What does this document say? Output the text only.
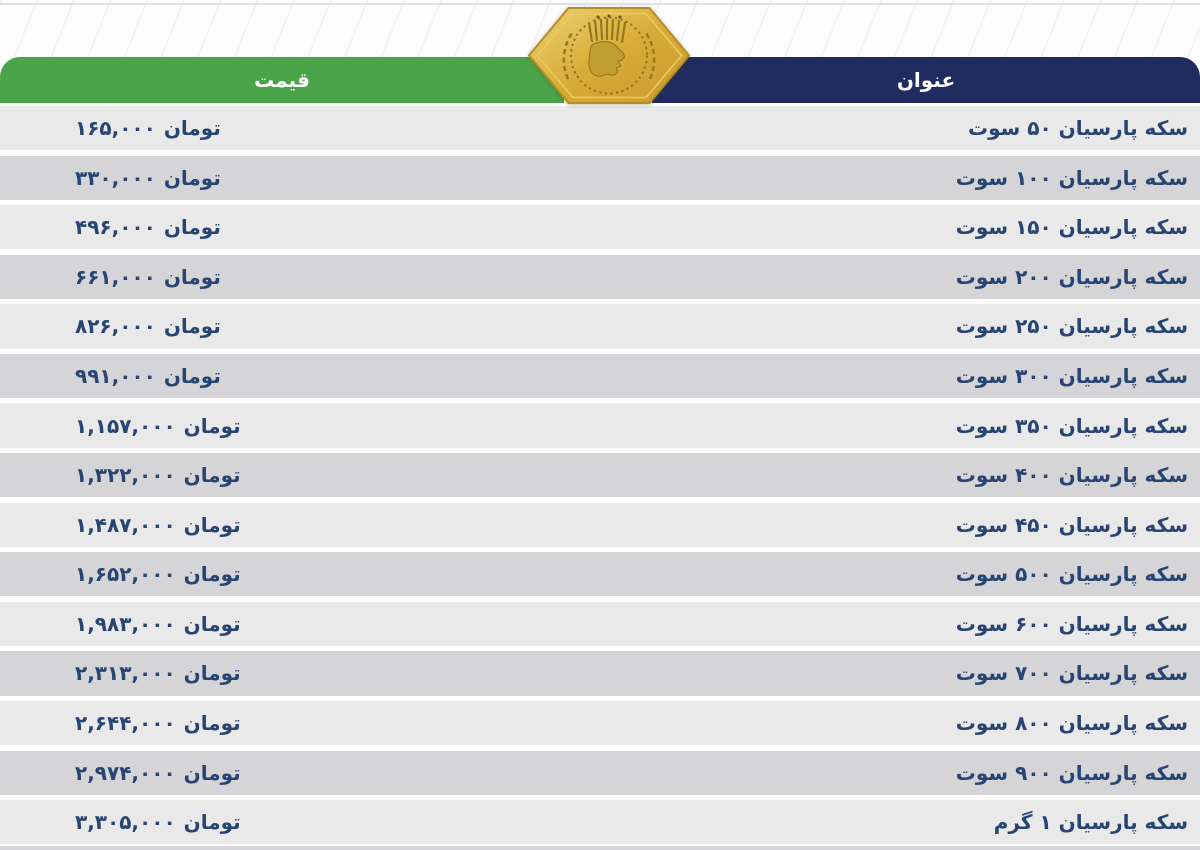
قیمت	عنوان
۱۶۵,۰۰۰ تومان	سکه پارسیان ۵۰ سوت
۳۳۰,۰۰۰ تومان	سکه پارسیان ۱۰۰ سوت
۴۹۶,۰۰۰ تومان	سکه پارسیان ۱۵۰ سوت
۶۶۱,۰۰۰ تومان	سکه پارسیان ۲۰۰ سوت
۸۲۶,۰۰۰ تومان	سکه پارسیان ۲۵۰ سوت
۹۹۱,۰۰۰ تومان	سکه پارسیان ۳۰۰ سوت
۱,۱۵۷,۰۰۰ تومان	سکه پارسیان ۳۵۰ سوت
۱,۳۲۲,۰۰۰ تومان	سکه پارسیان ۴۰۰ سوت
۱,۴۸۷,۰۰۰ تومان	سکه پارسیان ۴۵۰ سوت
۱,۶۵۲,۰۰۰ تومان	سکه پارسیان ۵۰۰ سوت
۱,۹۸۳,۰۰۰ تومان	سکه پارسیان ۶۰۰ سوت
۲,۳۱۳,۰۰۰ تومان	سکه پارسیان ۷۰۰ سوت
۲,۶۴۴,۰۰۰ تومان	سکه پارسیان ۸۰۰ سوت
۲,۹۷۴,۰۰۰ تومان	سکه پارسیان ۹۰۰ سوت
۳,۳۰۵,۰۰۰ تومان	سکه پارسیان ۱ گرم
